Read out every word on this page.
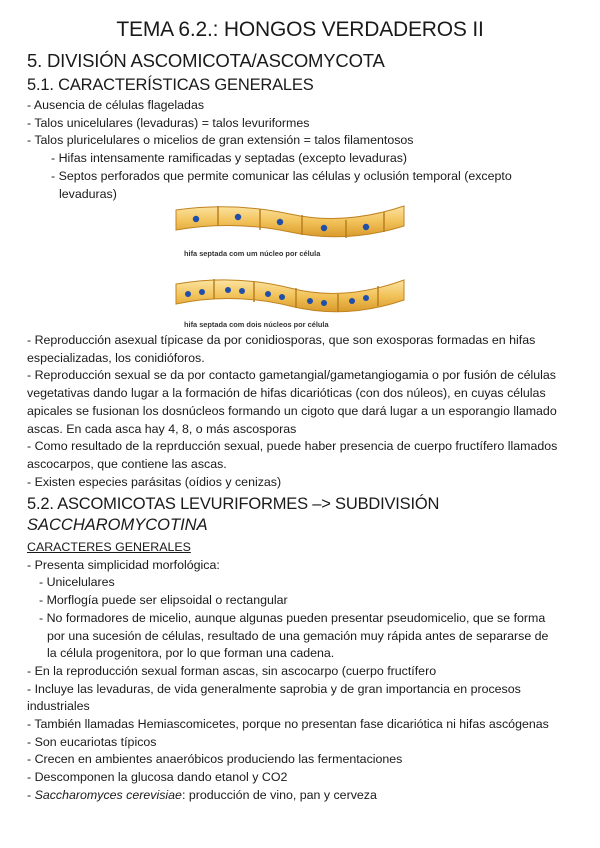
TEMA 6.2.: HONGOS VERDADEROS II
5. DIVISIÓN ASCOMICOTA/ASCOMYCOTA
5.1. CARACTERÍSTICAS GENERALES
- Ausencia de células flageladas
- Talos unicelulares (levaduras) = talos levuriformes
- Talos pluricelulares o micelios de gran extensión = talos filamentosos
- Hifas intensamente ramificadas y septadas (excepto levaduras)
- Septos perforados que permite comunicar las células y oclusión temporal (excepto levaduras)
hifa septada com um núcleo por célula
hifa septada com dois núcleos por célula
- Reproducción asexual típicase da por conidiosporas, que son exosporas formadas en hifas especializadas, los conidióforos.
- Reproducción sexual se da por contacto gametangial/gametangiogamia o por fusión de células vegetativas dando lugar a la formación de hifas dicarióticas (con dos núleos), en cuyas células apicales se fusionan los dosnúcleos formando un cigoto que dará lugar a un esporangio llamado ascas. En cada asca hay 4, 8, o más ascosporas
- Como resultado de la reprducción sexual, puede haber presencia de cuerpo fructífero llamados ascocarpos, que contiene las ascas.
- Existen especies parásitas (oídios y cenizas)
5.2. ASCOMICOTAS LEVURIFORMES –> SUBDIVISIÓN
SACCHAROMYCOTINA
CARACTERES GENERALES
- Presenta simplicidad morfológica:
- Unicelulares
- Morflogía puede ser elipsoidal o rectangular
- No formadores de micelio, aunque algunas pueden presentar pseudomicelio, que se forma por una sucesión de células, resultado de una gemación muy rápida antes de separarse de la célula progenitora, por lo que forman una cadena.
- En la reproducción sexual forman ascas, sin ascocarpo (cuerpo fructífero
- Incluye las levaduras, de vida generalmente saprobia y de gran importancia en procesos industriales
- También llamadas Hemiascomicetes, porque no presentan fase dicariótica ni hifas ascógenas
- Son eucariotas típicos
- Crecen en ambientes anaeróbicos produciendo las fermentaciones
- Descomponen la glucosa dando etanol y CO2
- Saccharomyces cerevisiae: producción de vino, pan y cerveza
